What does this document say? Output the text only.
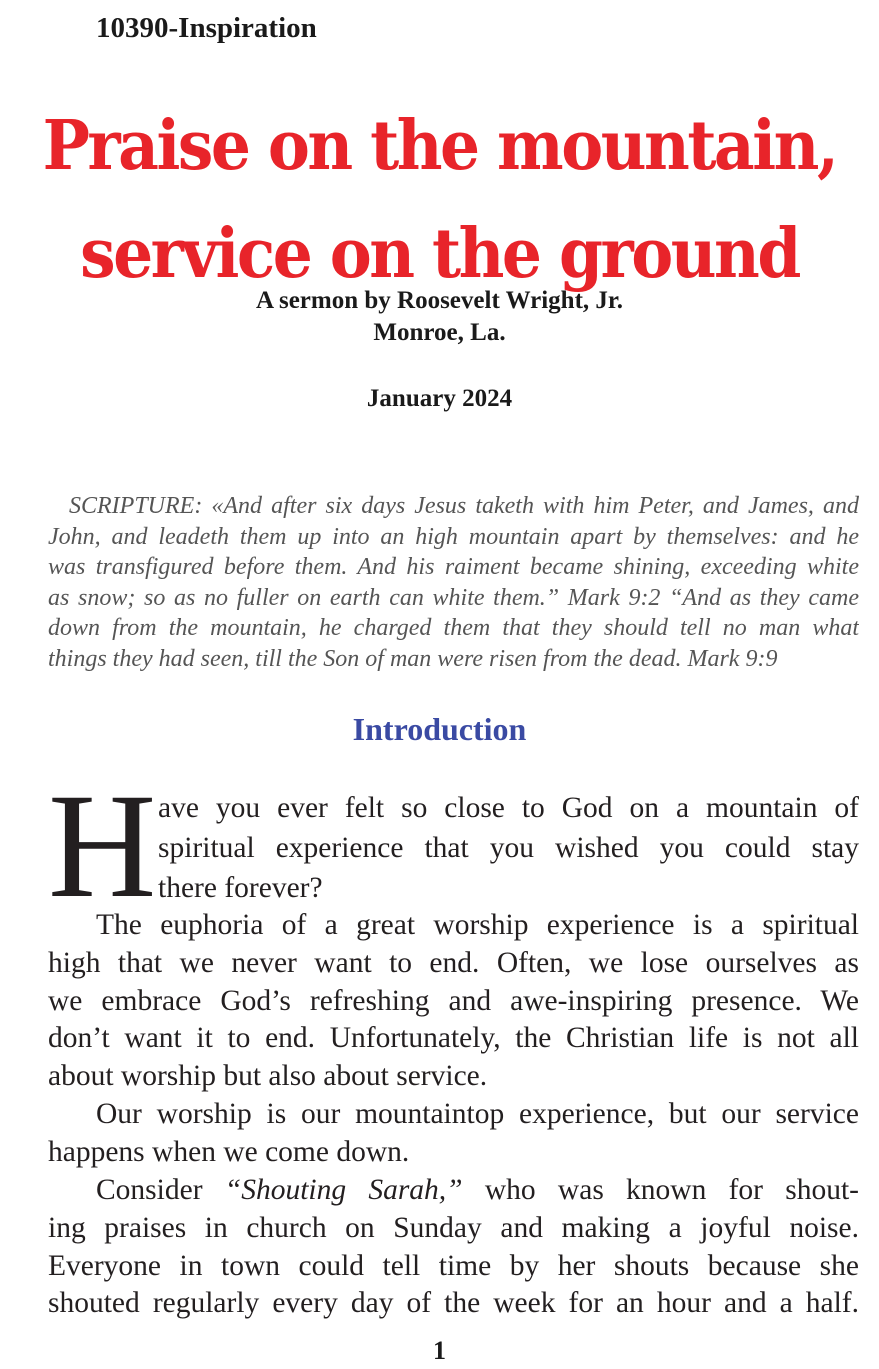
10390-Inspiration
Praise on the mountain,
service on the ground
A sermon by Roosevelt Wright, Jr.
Monroe, La.
January 2024
SCRIPTURE: «And after six days Jesus taketh with him Peter, and James, and
John, and leadeth them up into an high mountain apart by themselves: and he
was transfigured before them. And his raiment became shining, exceeding white
as snow; so as no fuller on earth can white them.” Mark 9:2 “And as they came
down from the mountain, he charged them that they should tell no man what
things they had seen, till the Son of man were risen from the dead. Mark 9:9
Introduction
H ave you ever felt so close to God on a mountain of
spiritual experience that you wished you could stay
there forever?
The euphoria of a great worship experience is a spiritual
high that we never want to end. Often, we lose ourselves as
we embrace God’s refreshing and awe-inspiring presence. We
don’t want it to end. Unfortunately, the Christian life is not all
about worship but also about service.
Our worship is our mountaintop experience, but our service
happens when we come down.
Consider “Shouting Sarah,” who was known for shout-
ing praises in church on Sunday and making a joyful noise.
Everyone in town could tell time by her shouts because she
shouted regularly every day of the week for an hour and a half.
1
